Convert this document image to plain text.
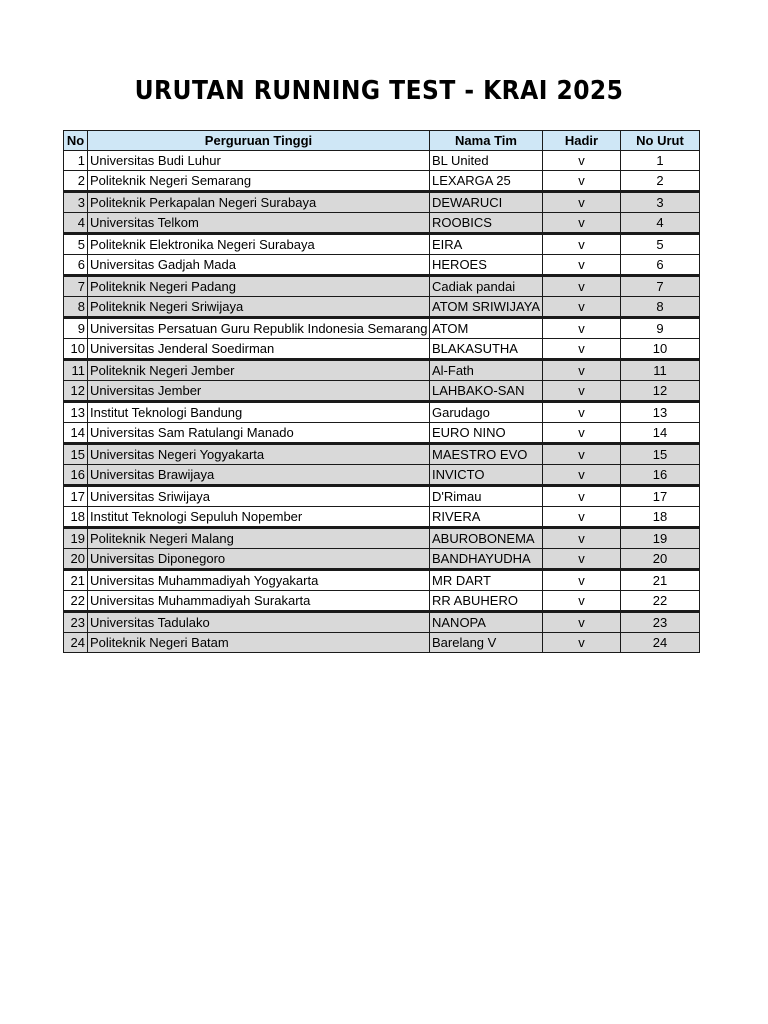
URUTAN RUNNING TEST - KRAI 2025
No	Perguruan Tinggi	Nama Tim	Hadir	No Urut
1	Universitas Budi Luhur	BL United	v	1
2	Politeknik Negeri Semarang	LEXARGA 25	v	2
3	Politeknik Perkapalan Negeri Surabaya	DEWARUCI	v	3
4	Universitas Telkom	ROOBICS	v	4
5	Politeknik Elektronika Negeri Surabaya	EIRA	v	5
6	Universitas Gadjah Mada	HEROES	v	6
7	Politeknik Negeri Padang	Cadiak pandai	v	7
8	Politeknik Negeri Sriwijaya	ATOM SRIWIJAYA	v	8
9	Universitas Persatuan Guru Republik Indonesia Semarang	ATOM	v	9
10	Universitas Jenderal Soedirman	BLAKASUTHA	v	10
11	Politeknik Negeri Jember	Al-Fath	v	11
12	Universitas Jember	LAHBAKO-SAN	v	12
13	Institut Teknologi Bandung	Garudago	v	13
14	Universitas Sam Ratulangi Manado	EURO NINO	v	14
15	Universitas Negeri Yogyakarta	MAESTRO EVO	v	15
16	Universitas Brawijaya	INVICTO	v	16
17	Universitas Sriwijaya	D'Rimau	v	17
18	Institut Teknologi Sepuluh Nopember	RIVERA	v	18
19	Politeknik Negeri Malang	ABUROBONEMA	v	19
20	Universitas Diponegoro	BANDHAYUDHA	v	20
21	Universitas Muhammadiyah Yogyakarta	MR DART	v	21
22	Universitas Muhammadiyah Surakarta	RR ABUHERO	v	22
23	Universitas Tadulako	NANOPA	v	23
24	Politeknik Negeri Batam	Barelang V	v	24
